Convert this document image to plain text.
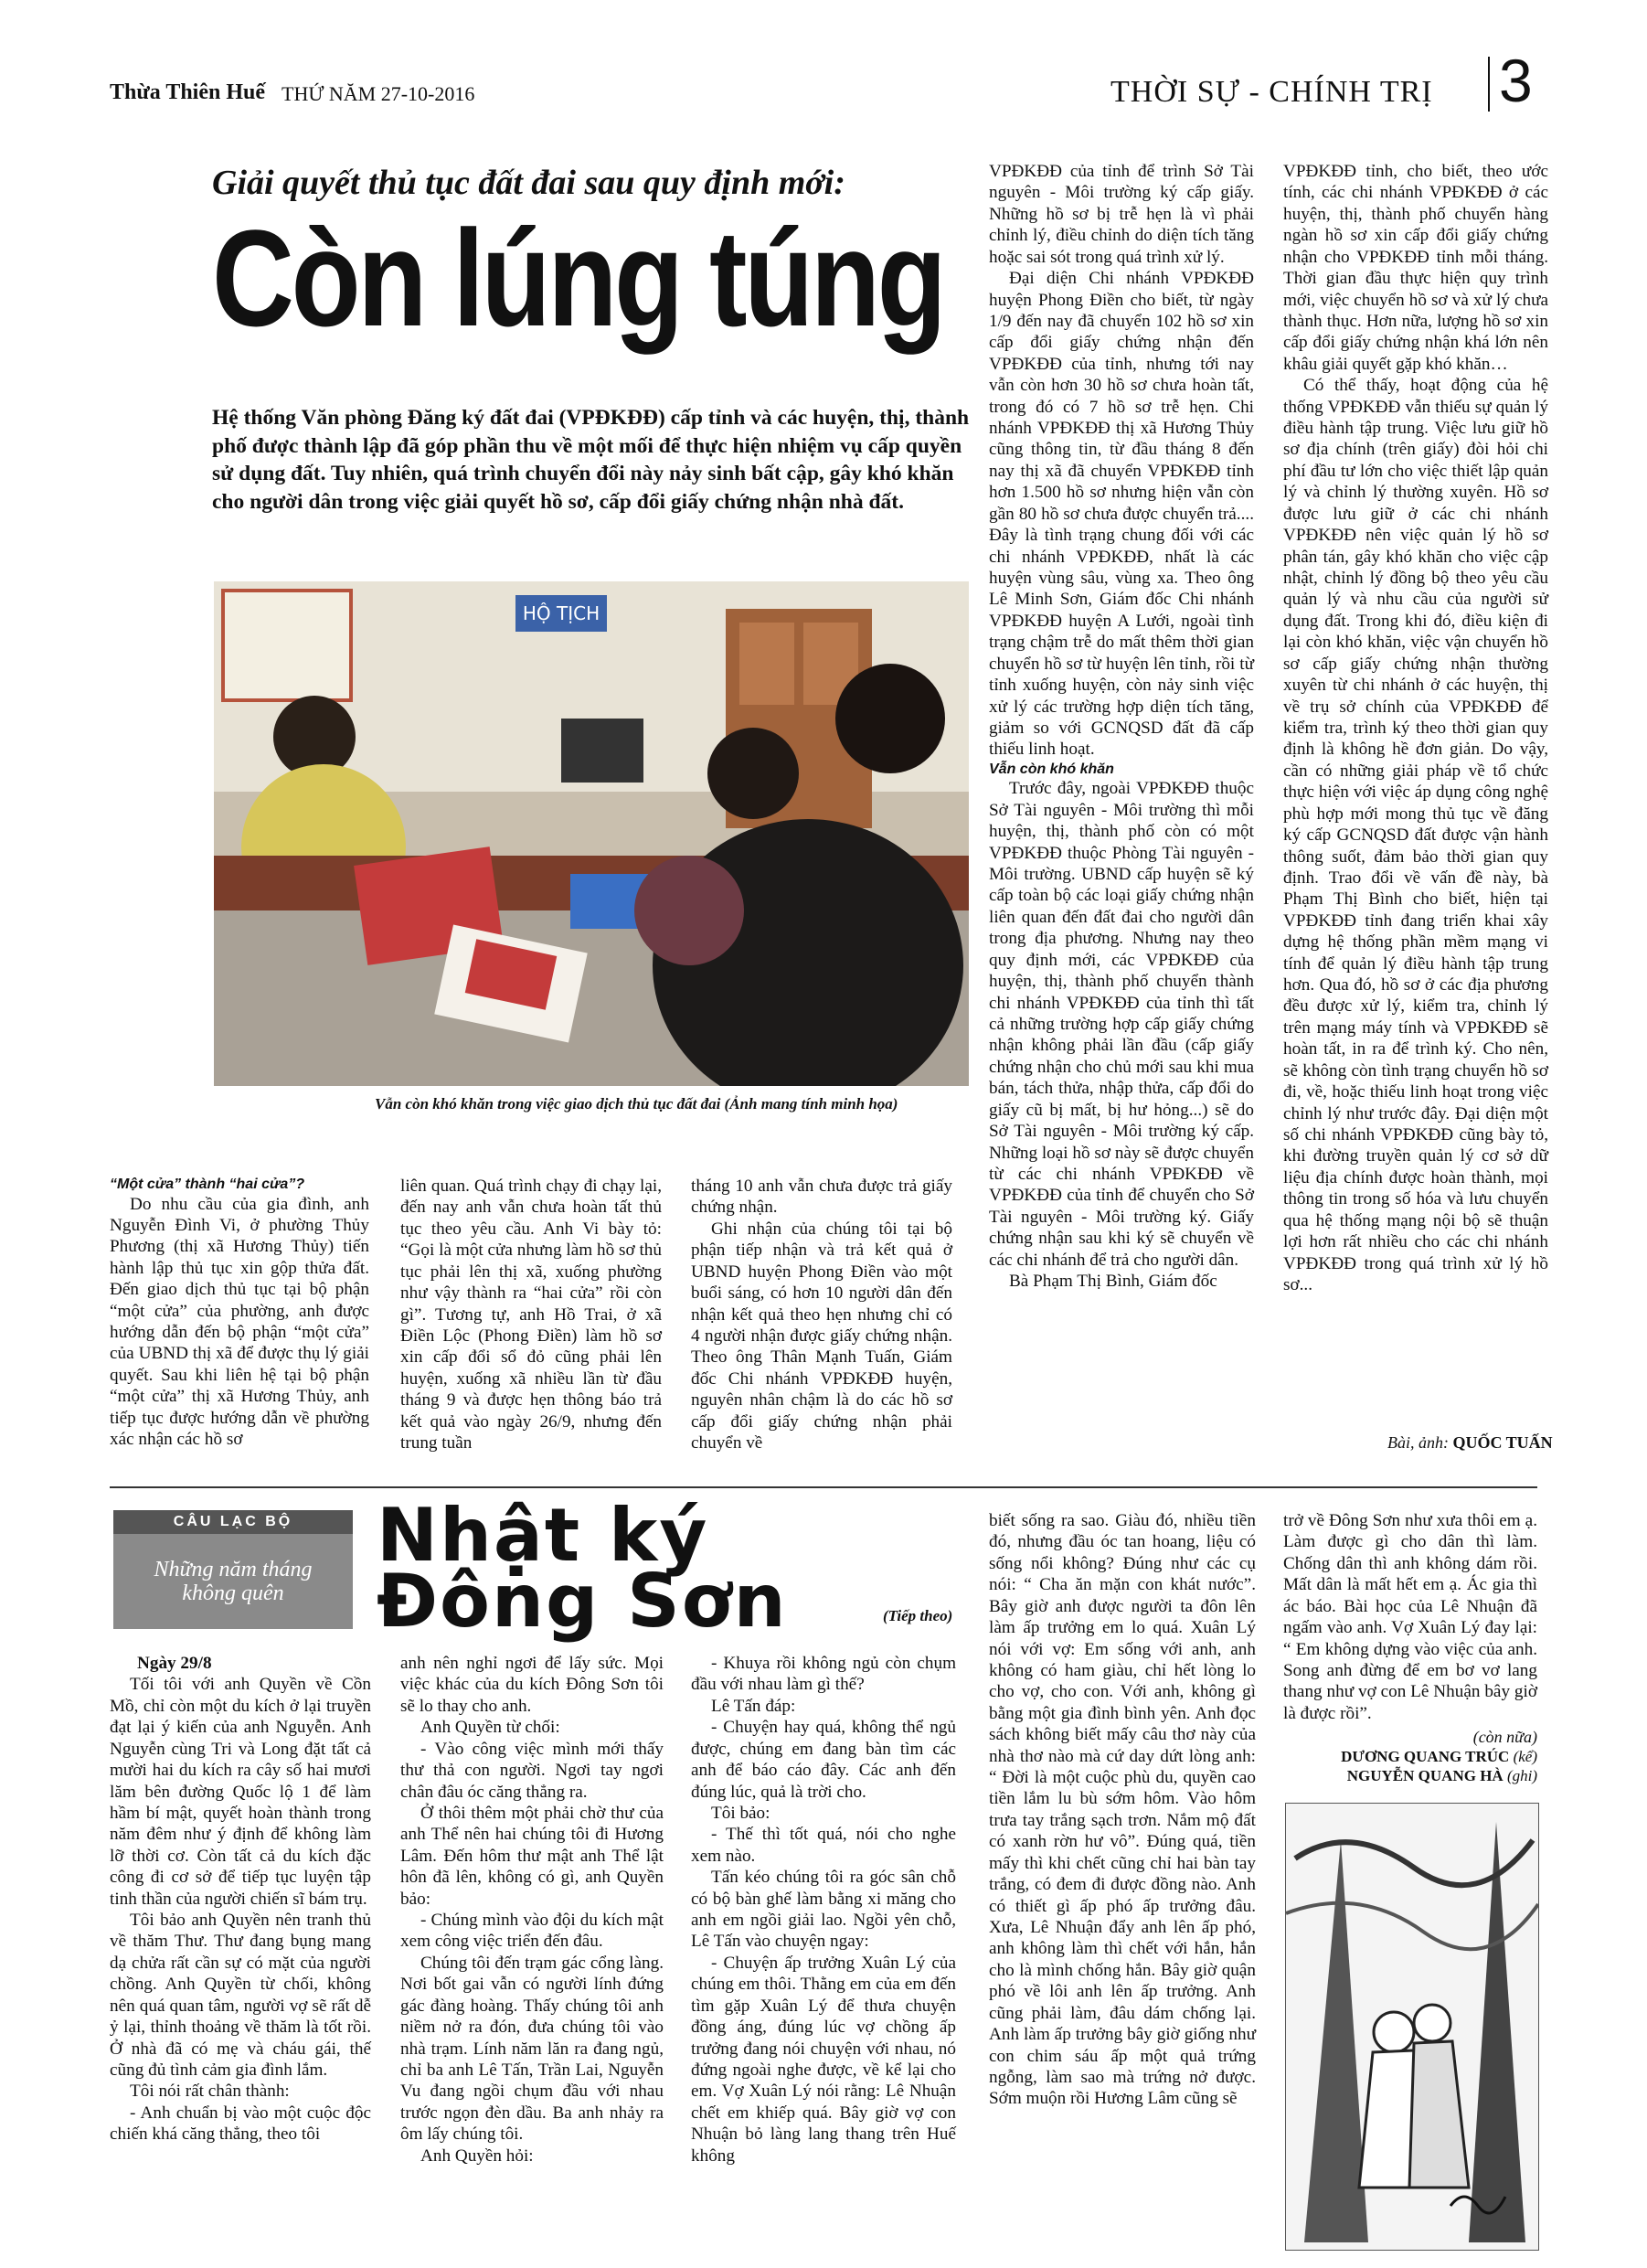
Thừa Thiên Huế THỨ NĂM 27-10-2016	THỜI SỰ - CHÍNH TRỊ 3
Giải quyết thủ tục đất đai sau quy định mới:
Còn lúng túng
Hệ thống Văn phòng Đăng ký đất đai (VPĐKĐĐ) cấp tỉnh và các huyện, thị, thành phố được thành lập đã góp phần thu về một mối để thực hiện nhiệm vụ cấp quyền sử dụng đất. Tuy nhiên, quá trình chuyển đổi này nảy sinh bất cập, gây khó khăn cho người dân trong việc giải quyết hồ sơ, cấp đổi giấy chứng nhận nhà đất.
HỘ TỊCH
Vẫn còn khó khăn trong việc giao dịch thủ tục đất đai (Ảnh mang tính minh họa)

“Một cửa” thành “hai cửa”?

Do nhu cầu của gia đình, anh Nguyễn Đình Vi, ở phường Thủy Phương (thị xã Hương Thủy) tiến hành lập thủ tục xin gộp thửa đất. Đến giao dịch thủ tục tại bộ phận “một cửa” của phường, anh được hướng dẫn đến bộ phận “một cửa” của UBND thị xã để được thụ lý giải quyết. Sau khi liên hệ tại bộ phận “một cửa” thị xã Hương Thủy, anh tiếp tục được hướng dẫn về phường xác nhận các hồ sơ

liên quan. Quá trình chạy đi chạy lại, đến nay anh vẫn chưa hoàn tất thủ tục theo yêu cầu. Anh Vi bày tỏ: “Gọi là một cửa nhưng làm hồ sơ thủ tục phải lên thị xã, xuống phường như vậy thành ra “hai cửa” rồi còn gì”. Tương tự, anh Hồ Trai, ở xã Điền Lộc (Phong Điền) làm hồ sơ xin cấp đổi sổ đỏ cũng phải lên huyện, xuống xã nhiều lần từ đầu tháng 9 và được hẹn thông báo trả kết quả vào ngày 26/9, nhưng đến trung tuần

tháng 10 anh vẫn chưa được trả giấy chứng nhận.

Ghi nhận của chúng tôi tại bộ phận tiếp nhận và trả kết quả ở UBND huyện Phong Điền vào một buổi sáng, có hơn 10 người dân đến nhận kết quả theo hẹn nhưng chỉ có 4 người nhận được giấy chứng nhận. Theo ông Thân Mạnh Tuấn, Giám đốc Chi nhánh VPĐKĐĐ huyện, nguyên nhân chậm là do các hồ sơ cấp đổi giấy chứng nhận phải chuyển về

VPĐKĐĐ của tỉnh để trình Sở Tài nguyên - Môi trường ký cấp giấy. Những hồ sơ bị trễ hẹn là vì phải chỉnh lý, điều chỉnh do diện tích tăng hoặc sai sót trong quá trình xử lý.

Đại diện Chi nhánh VPĐKĐĐ huyện Phong Điền cho biết, từ ngày 1/9 đến nay đã chuyển 102 hồ sơ xin cấp đổi giấy chứng nhận đến VPĐKĐĐ của tỉnh, nhưng tới nay vẫn còn hơn 30 hồ sơ chưa hoàn tất, trong đó có 7 hồ sơ trễ hẹn. Chi nhánh VPĐKĐĐ thị xã Hương Thủy cũng thông tin, từ đầu tháng 8 đến nay thị xã đã chuyển VPĐKĐĐ tỉnh hơn 1.500 hồ sơ nhưng hiện vẫn còn gần 80 hồ sơ chưa được chuyển trả.... Đây là tình trạng chung đối với các chi nhánh VPĐKĐĐ, nhất là các huyện vùng sâu, vùng xa. Theo ông Lê Minh Sơn, Giám đốc Chi nhánh VPĐKĐĐ huyện A Lưới, ngoài tình trạng chậm trễ do mất thêm thời gian chuyển hồ sơ từ huyện lên tỉnh, rồi từ tỉnh xuống huyện, còn nảy sinh việc xử lý các trường hợp diện tích tăng, giảm so với GCNQSD đất đã cấp thiếu linh hoạt.

Vẫn còn khó khăn

Trước đây, ngoài VPĐKĐĐ thuộc Sở Tài nguyên - Môi trường thì mỗi huyện, thị, thành phố còn có một VPĐKĐĐ thuộc Phòng Tài nguyên - Môi trường. UBND cấp huyện sẽ ký cấp toàn bộ các loại giấy chứng nhận liên quan đến đất đai cho người dân trong địa phương. Nhưng nay theo quy định mới, các VPĐKĐĐ của huyện, thị, thành phố chuyển thành chi nhánh VPĐKĐĐ của tỉnh thì tất cả những trường hợp cấp giấy chứng nhận không phải lần đầu (cấp giấy chứng nhận cho chủ mới sau khi mua bán, tách thửa, nhập thửa, cấp đổi do giấy cũ bị mất, bị hư hỏng...) sẽ do Sở Tài nguyên - Môi trường ký cấp. Những loại hồ sơ này sẽ được chuyển từ các chi nhánh VPĐKĐĐ về VPĐKĐĐ của tỉnh để chuyển cho Sở Tài nguyên - Môi trường ký. Giấy chứng nhận sau khi ký sẽ chuyển về các chi nhánh để trả cho người dân.

Bà Phạm Thị Bình, Giám đốc

VPĐKĐĐ tỉnh, cho biết, theo ước tính, các chi nhánh VPĐKĐĐ ở các huyện, thị, thành phố chuyển hàng ngàn hồ sơ xin cấp đổi giấy chứng nhận cho VPĐKĐĐ tỉnh mỗi tháng. Thời gian đầu thực hiện quy trình mới, việc chuyển hồ sơ và xử lý chưa thành thục. Hơn nữa, lượng hồ sơ xin cấp đổi giấy chứng nhận khá lớn nên khâu giải quyết gặp khó khăn…

Có thể thấy, hoạt động của hệ thống VPĐKĐĐ vẫn thiếu sự quản lý điều hành tập trung. Việc lưu giữ hồ sơ địa chính (trên giấy) đòi hỏi chi phí đầu tư lớn cho việc thiết lập quản lý và chỉnh lý thường xuyên. Hồ sơ được lưu giữ ở các chi nhánh VPĐKĐĐ nên việc quản lý hồ sơ phân tán, gây khó khăn cho việc cập nhật, chỉnh lý đồng bộ theo yêu cầu quản lý và nhu cầu của người sử dụng đất. Trong khi đó, điều kiện đi lại còn khó khăn, việc vận chuyển hồ sơ cấp giấy chứng nhận thường xuyên từ chi nhánh ở các huyện, thị về trụ sở chính của VPĐKĐĐ để kiểm tra, trình ký theo thời gian quy định là không hề đơn giản. Do vậy, cần có những giải pháp về tổ chức thực hiện với việc áp dụng công nghệ phù hợp mới mong thủ tục về đăng ký cấp GCNQSD đất được vận hành thông suốt, đảm bảo thời gian quy định. Trao đổi về vấn đề này, bà Phạm Thị Bình cho biết, hiện tại VPĐKĐĐ tỉnh đang triển khai xây dựng hệ thống phần mềm mạng vi tính để quản lý điều hành tập trung hơn. Qua đó, hồ sơ ở các địa phương đều được xử lý, kiểm tra, chỉnh lý trên mạng máy tính và VPĐKĐĐ sẽ hoàn tất, in ra để trình ký. Cho nên, sẽ không còn tình trạng chuyển hồ sơ đi, về, hoặc thiếu linh hoạt trong việc chỉnh lý như trước đây. Đại diện một số chi nhánh VPĐKĐĐ cũng bày tỏ, khi đường truyền quản lý cơ sở dữ liệu địa chính được hoàn thành, mọi thông tin trong số hóa và lưu chuyển qua hệ thống mạng nội bộ sẽ thuận lợi hơn rất nhiều cho các chi nhánh VPĐKĐĐ trong quá trình xử lý hồ sơ...

Bài, ảnh: QUỐC TUẤN
CÂU LẠC BỘ
Những năm tháng không quên
Nhật ký
Đông Sơn	(Tiếp theo)

Ngày 29/8

Tối tôi với anh Quyền về Cồn Mồ, chỉ còn một du kích ở lại truyền đạt lại ý kiến của anh Nguyễn. Anh Nguyễn cùng Tri và Long đặt tất cả mười hai du kích ra cây số hai mươi lăm bên đường Quốc lộ 1 để làm hầm bí mật, quyết hoàn thành trong năm đêm như ý định để không làm lỡ thời cơ. Còn tất cả du kích đặc công đi cơ sở để tiếp tục luyện tập tinh thần của người chiến sĩ bám trụ.

Tôi bảo anh Quyền nên tranh thủ về thăm Thư. Thư đang bụng mang dạ chửa rất cần sự có mặt của người chồng. Anh Quyền từ chối, không nên quá quan tâm, người vợ sẽ rất dễ ỷ lại, thỉnh thoảng về thăm là tốt rồi. Ở nhà đã có mẹ và cháu gái, thế cũng đủ tình cảm gia đình lắm.

Tôi nói rất chân thành:

- Anh chuẩn bị vào một cuộc độc chiến khá căng thẳng, theo tôi

anh nên nghỉ ngơi để lấy sức. Mọi việc khác của du kích Đông Sơn tôi sẽ lo thay cho anh.

Anh Quyền từ chối:

- Vào công việc mình mới thấy thư thả con người. Ngơi tay ngơi chân đâu óc căng thẳng ra.

Ở thôi thêm một phải chờ thư của anh Thể nên hai chúng tôi đi Hương Lâm. Đến hôm thư mật anh Thể lật hôn đã lên, không có gì, anh Quyền bảo:

- Chúng mình vào đội du kích mật xem công việc triển đến đâu.

Chúng tôi đến trạm gác cổng làng. Nơi bốt gai vẫn có người lính đứng gác đàng hoàng. Thấy chúng tôi anh niềm nở ra đón, đưa chúng tôi vào nhà trạm. Lính năm lăn ra đang ngủ, chỉ ba anh Lê Tấn, Trần Lai, Nguyễn Vu đang ngồi chụm đầu với nhau trước ngọn đèn dầu. Ba anh nhảy ra ôm lấy chúng tôi.

Anh Quyền hỏi:

- Khuya rồi không ngủ còn chụm đầu với nhau làm gì thế?

Lê Tấn đáp:

- Chuyện hay quá, không thể ngủ được, chúng em đang bàn tìm các anh để báo cáo đây. Các anh đến đúng lúc, quả là trời cho.

Tôi bảo:

- Thế thì tốt quá, nói cho nghe xem nào.

Tấn kéo chúng tôi ra góc sân chỗ có bộ bàn ghế làm bằng xi măng cho anh em ngồi giải lao. Ngồi yên chỗ, Lê Tấn vào chuyện ngay:

- Chuyện ấp trưởng Xuân Lý của chúng em thôi. Thằng em của em đến tìm gặp Xuân Lý để thưa chuyện đồng áng, đúng lúc vợ chồng ấp trưởng đang nói chuyện với nhau, nó đứng ngoài nghe được, về kể lại cho em. Vợ Xuân Lý nói rằng: Lê Nhuận chết em khiếp quá. Bây giờ vợ con Nhuận bỏ làng lang thang trên Huế không

biết sống ra sao. Giàu đó, nhiều tiền đó, nhưng đầu óc tan hoang, liệu có sống nổi không? Đúng như các cụ nói: “ Cha ăn mặn con khát nước”. Bây giờ anh được người ta đôn lên làm ấp trưởng em lo quá. Xuân Lý nói với vợ: Em sống với anh, anh không có ham giàu, chỉ hết lòng lo cho vợ, cho con. Với anh, không gì bằng một gia đình bình yên. Anh đọc sách không biết mấy câu thơ này của nhà thơ nào mà cứ day dứt lòng anh: “ Đời là một cuộc phù du, quyền cao tiền lắm lu bù sớm hôm. Vào hôm trưa tay trắng sạch trơn. Nắm mộ đất có xanh rờn hư vô”. Đúng quá, tiền mấy thì khi chết cũng chỉ hai bàn tay trắng, có đem đi được đồng nào. Anh có thiết gì ấp phó ấp trưởng đâu. Xưa, Lê Nhuận đẩy anh lên ấp phó, anh không làm thì chết với hắn, hắn cho là mình chống hắn. Bây giờ quận phó về lôi anh lên ấp trưởng. Anh cũng phải làm, đâu dám chống lại. Anh làm ấp trưởng bây giờ giống như con chim sáu ấp một quả trứng ngỗng, làm sao mà trứng nở được. Sớm muộn rồi Hương Lâm cũng sẽ

trở về Đông Sơn như xưa thôi em ạ. Làm được gì cho dân thì làm. Chống dân thì anh không dám rồi. Mất dân là mất hết em ạ. Ác gia thì ác báo. Bài học của Lê Nhuận đã ngấm vào anh. Vợ Xuân Lý đay lại: “ Em không dựng vào việc của anh. Song anh đừng để em bơ vơ lang thang như vợ con Lê Nhuận bây giờ là được rồi”.

(còn nữa)
DƯƠNG QUANG TRÚC (kể)
NGUYỄN QUANG HÀ (ghi)
